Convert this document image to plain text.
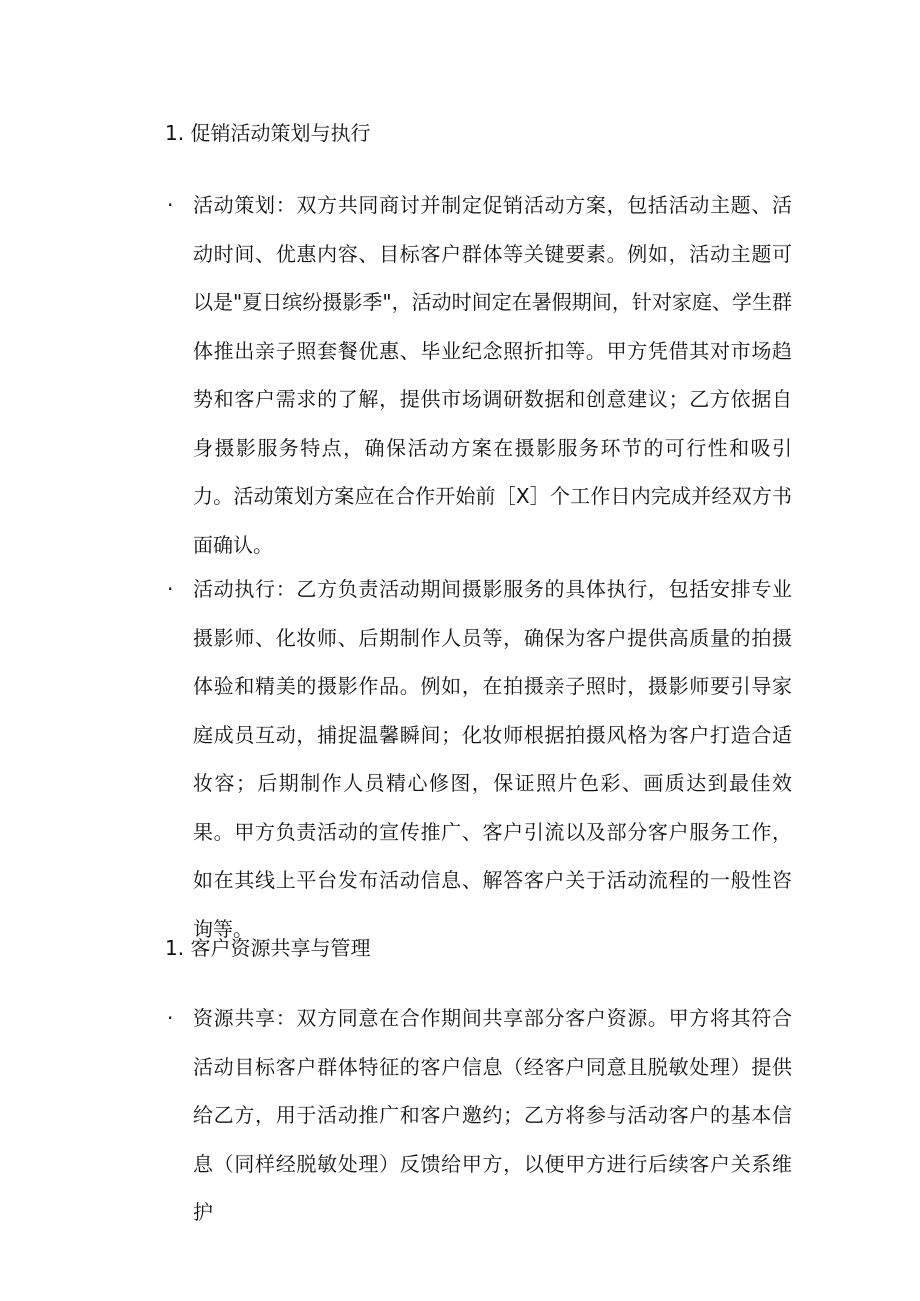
1. 促销活动策划与执行
· 活动策划：双方共同商讨并制定促销活动方案，包括活动主题、活动时间、优惠内容、目标客户群体等关键要素。例如，活动主题可以是"夏日缤纷摄影季"，活动时间定在暑假期间，针对家庭、学生群体推出亲子照套餐优惠、毕业纪念照折扣等。甲方凭借其对市场趋势和客户需求的了解，提供市场调研数据和创意建议；乙方依据自身摄影服务特点，确保活动方案在摄影服务环节的可行性和吸引力。活动策划方案应在合作开始前［X］个工作日内完成并经双方书面确认。
· 活动执行：乙方负责活动期间摄影服务的具体执行，包括安排专业摄影师、化妆师、后期制作人员等，确保为客户提供高质量的拍摄体验和精美的摄影作品。例如，在拍摄亲子照时，摄影师要引导家庭成员互动，捕捉温馨瞬间；化妆师根据拍摄风格为客户打造合适妆容；后期制作人员精心修图，保证照片色彩、画质达到最佳效果。甲方负责活动的宣传推广、客户引流以及部分客户服务工作，如在其线上平台发布活动信息、解答客户关于活动流程的一般性咨询等。
1. 客户资源共享与管理
· 资源共享：双方同意在合作期间共享部分客户资源。甲方将其符合活动目标客户群体特征的客户信息（经客户同意且脱敏处理）提供给乙方，用于活动推广和客户邀约；乙方将参与活动客户的基本信息（同样经脱敏处理）反馈给甲方，以便甲方进行后续客户关系维护
